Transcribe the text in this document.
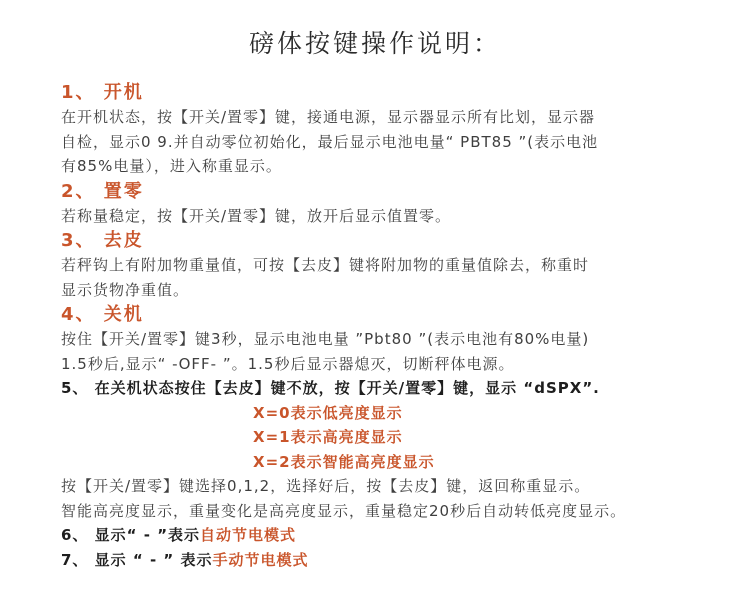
磅体按键操作说明：
1、 开机
在开机状态，按【开关/置零】键，接通电源，显示器显示所有比划，显示器
自检，显示0 9.并自动零位初始化，最后显示电池电量“ PBT85 ”(表示电池
有85%电量），进入称重显示。
2、 置零
若称量稳定，按【开关/置零】键，放开后显示值置零。
3、 去皮
若秤钩上有附加物重量值，可按【去皮】键将附加物的重量值除去，称重时
显示货物净重值。
4、 关机
按住【开关/置零】键3秒，显示电池电量 ”Pbt80 ”(表示电池有80%电量)
1.5秒后,显示“ -OFF- ”。1.5秒后显示器熄灭，切断秤体电源。
5、 在关机状态按住【去皮】键不放，按【开关/置零】键，显示 “dSPX”.
X=0表示低亮度显示
X=1表示高亮度显示
X=2表示智能高亮度显示
按【开关/置零】键选择0,1,2，选择好后，按【去皮】键，返回称重显示。
智能高亮度显示，重量变化是高亮度显示，重量稳定20秒后自动转低亮度显示。
6、 显示“ - ”表示自动节电模式
7、 显示 “ - ” 表示手动节电模式
